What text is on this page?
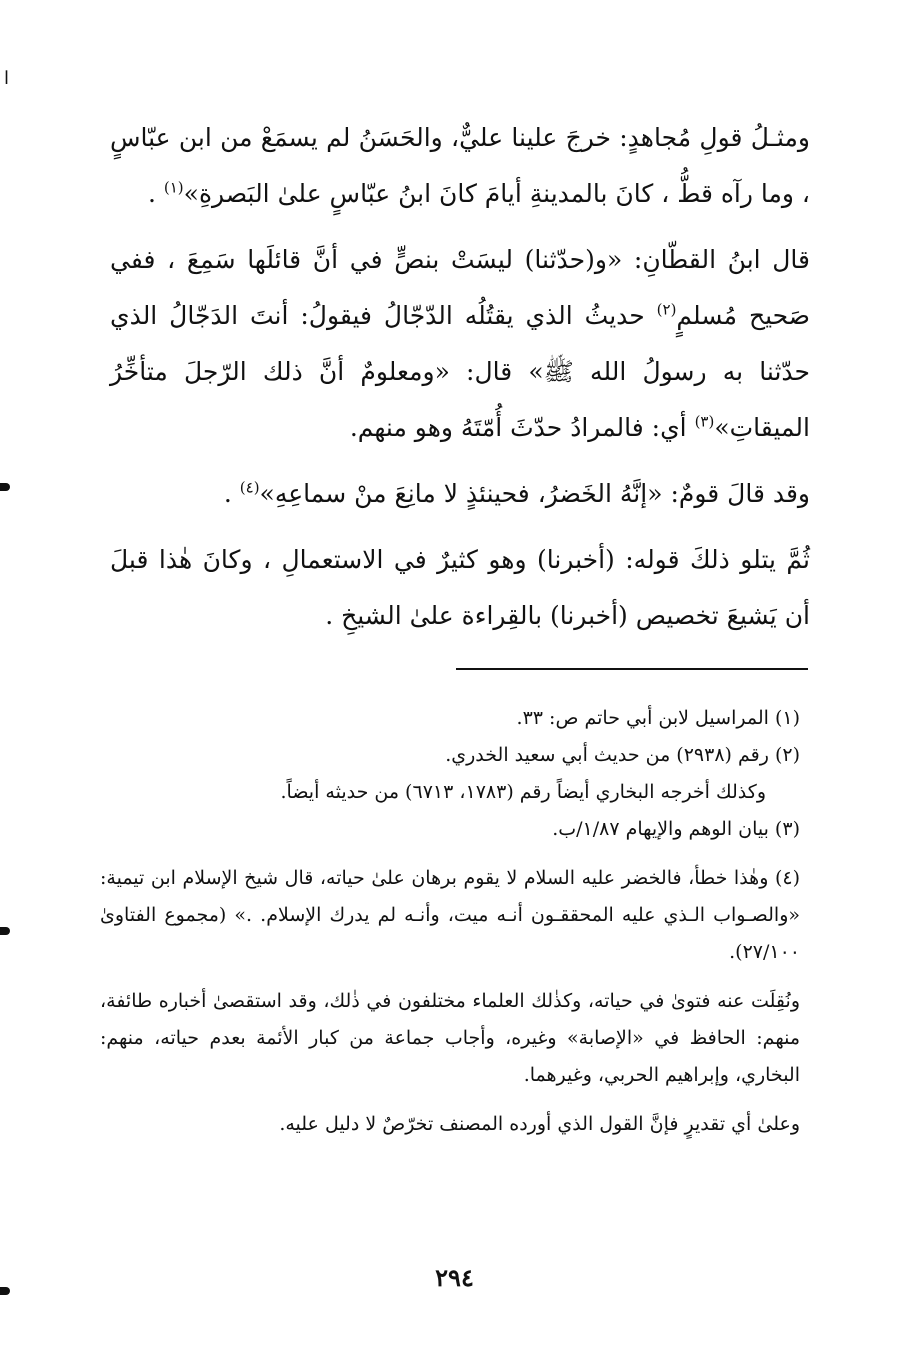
ا

ومثـلُ قولِ مُجاهدٍ: خرجَ علينا عليٌّ، والحَسَنُ لم يسمَعْ من ابن عبّاسٍ ، وما رآه قطُّ ، كانَ بالمدينةِ أيامَ كانَ ابنُ عبّاسٍ علىٰ البَصرةِ»$^{(١)}$ .

قال ابنُ القطّانِ: «و(حدّثنا) ليسَتْ بنصٍّ في أنَّ قائلَها سَمِعَ ، ففي صَحيح مُسلمٍ$^{(٢)}$ حديثُ الذي يقتُلُه الدّجّالُ فيقولُ: أنتَ الدَجّالُ الذي حدّثنا به رسولُ الله ﷺ» قال: «ومعلومٌ أنَّ ذلك الرّجلَ متأخِّرُ الميقاتِ»$^{(٣)}$ أي: فالمرادُ حدّثَ أُمّتَهُ وهو منهم.

وقد قالَ قومٌ: «إنَّهُ الخَضرُ، فحينئذٍ لا مانِعَ منْ سماعِهِ»$^{(٤)}$ .

ثُمَّ يتلو ذلكَ قوله: (أخبرنا) وهو كثيرٌ في الاستعمالِ ، وكانَ هٰذا قبلَ أن يَشيعَ تخصيص (أخبرنا) بالقِراءة علىٰ الشيخِ .

(١) المراسيل لابن أبي حاتم ص: ٣٣.

(٢) رقم (٢٩٣٨) من حديث أبي سعيد الخدري.

وكذلك أخرجه البخاري أيضاً رقم (١٧٨٣، ٦٧١٣) من حديثه أيضاً.

(٣) بيان الوهم والإيهام ١/٨٧/ب.

(٤) وهٰذا خطأ، فالخضر عليه السلام لا يقوم برهان علىٰ حياته، قال شيخ الإسلام ابن تيمية: «والصـواب الـذي عليه المحققـون أنـه ميت، وأنـه لم يدرك الإسلام. .» (مجموع الفتاوىٰ ٢٧/١٠٠).

ونُقِلَت عنه فتوىٰ في حياته، وكذٰلك العلماء مختلفون في ذٰلك، وقد استقصىٰ أخباره طائفة، منهم: الحافظ في «الإصابة» وغيره، وأجاب جماعة من كبار الأئمة بعدم حياته، منهم: البخاري، وإبراهيم الحربي، وغيرهما.

وعلىٰ أي تقديرٍ فإنَّ القول الذي أورده المصنف تخرّصٌ لا دليل عليه.

٢٩٤
